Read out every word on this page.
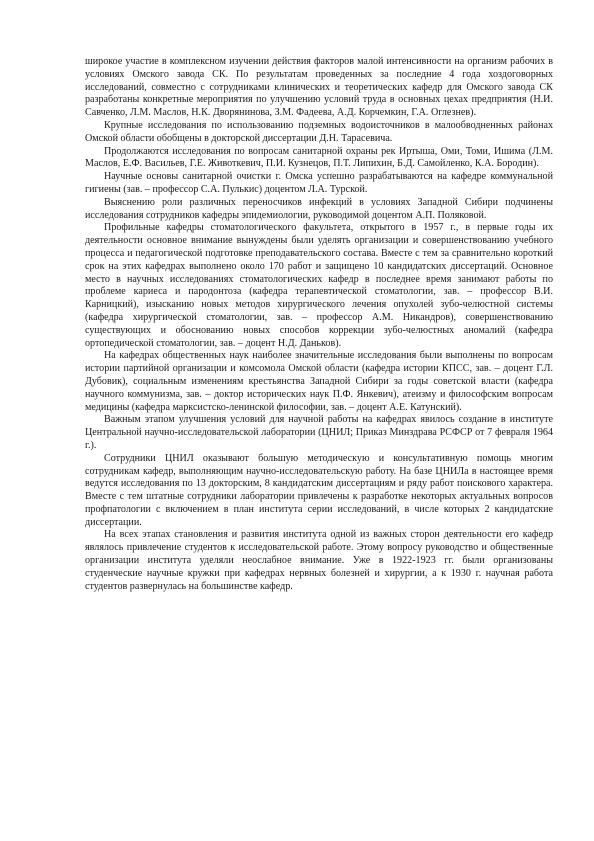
широкое участие в комплексном изучении действия факторов малой интенсивности на организм рабочих в условиях Омского завода СК. По результатам проведенных за последние 4 года хоздоговорных исследований, совместно с сотрудниками клинических и теоретических кафедр для Омского завода СК разработаны конкретные мероприятия по улучшению условий труда в основных цехах предприятия (Н.И. Савченко, Л.М. Маслов, Н.К. Дворянинова, З.М. Фадеева, А.Д. Корчемкин, Г.А. Оглезнев).

Крупные исследования по использованию подземных водоисточников в малообводненных районах Омской области обобщены в докторской диссертации Д.Н. Тарасевича.

Продолжаются исследования по вопросам санитарной охраны рек Иртыша, Оми, Томи, Ишима (Л.М. Маслов, Е.Ф. Васильев, Г.Е. Животкевич, П.И. Кузнецов, П.Т. Липихин, Б.Д. Самойленко, К.А. Бородин).

Научные основы санитарной очистки г. Омска успешно разрабатываются на кафедре коммунальной гигиены (зав. – профессор С.А. Пулькис) доцентом Л.А. Турской.

Выяснению роли различных переносчиков инфекций в условиях Западной Сибири подчинены исследования сотрудников кафедры эпидемиологии, руководимой доцентом А.П. Поляковой.

Профильные кафедры стоматологического факультета, открытого в 1957 г., в первые годы их деятельности основное внимание вынуждены были уделять организации и совершенствованию учебного процесса и педагогической подготовке преподавательского состава. Вместе с тем за сравнительно короткий срок на этих кафедрах выполнено около 170 работ и защищено 10 кандидатских диссертаций. Основное место в научных исследованиях стоматологических кафедр в последнее время занимают работы по проблеме кариеса и пародонтоза (кафедра терапевтической стоматологии, зав. – профессор В.И. Карницкий), изысканию новых методов хирургического лечения опухолей зубо-челюстной системы (кафедра хирургической стоматологии, зав. – профессор А.М. Никандров), совершенствованию существующих и обоснованию новых способов коррекции зубо-челюстных аномалий (кафедра ортопедической стоматологии, зав. – доцент Н.Д. Даньков).

На кафедрах общественных наук наиболее значительные исследования были выполнены по вопросам истории партийной организации и комсомола Омской области (кафедра истории КПСС, зав. – доцент Г.Л. Дубовик), социальным изменениям крестьянства Западной Сибири за годы советской власти (кафедра научного коммунизма, зав. – доктор исторических наук П.Ф. Янкевич), атеизму и философским вопросам медицины (кафедра марксистско-ленинской философии, зав. – доцент А.Е. Катунский).

Важным этапом улучшения условий для научной работы на кафедрах явилось создание в институте Центральной научно-исследовательской лаборатории (ЦНИЛ; Приказ Минздрава РСФСР от 7 февраля 1964 г.).

Сотрудники ЦНИЛ оказывают большую методическую и консультативную помощь многим сотрудникам кафедр, выполняющим научно-исследовательскую работу. На базе ЦНИЛа в настоящее время ведутся исследования по 13 докторским, 8 кандидатским диссертациям и ряду работ поискового характера. Вместе с тем штатные сотрудники лаборатории привлечены к разработке некоторых актуальных вопросов профпатологии с включением в план института серии исследований, в числе которых 2 кандидатские диссертации.

На всех этапах становления и развития института одной из важных сторон деятельности его кафедр являлось привлечение студентов к исследовательской работе. Этому вопросу руководство и общественные организации института уделяли неослабное внимание. Уже в 1922-1923 гг. были организованы студенческие научные кружки при кафедрах нервных болезней и хирургии, а к 1930 г. научная работа студентов развернулась на большинстве кафедр.
